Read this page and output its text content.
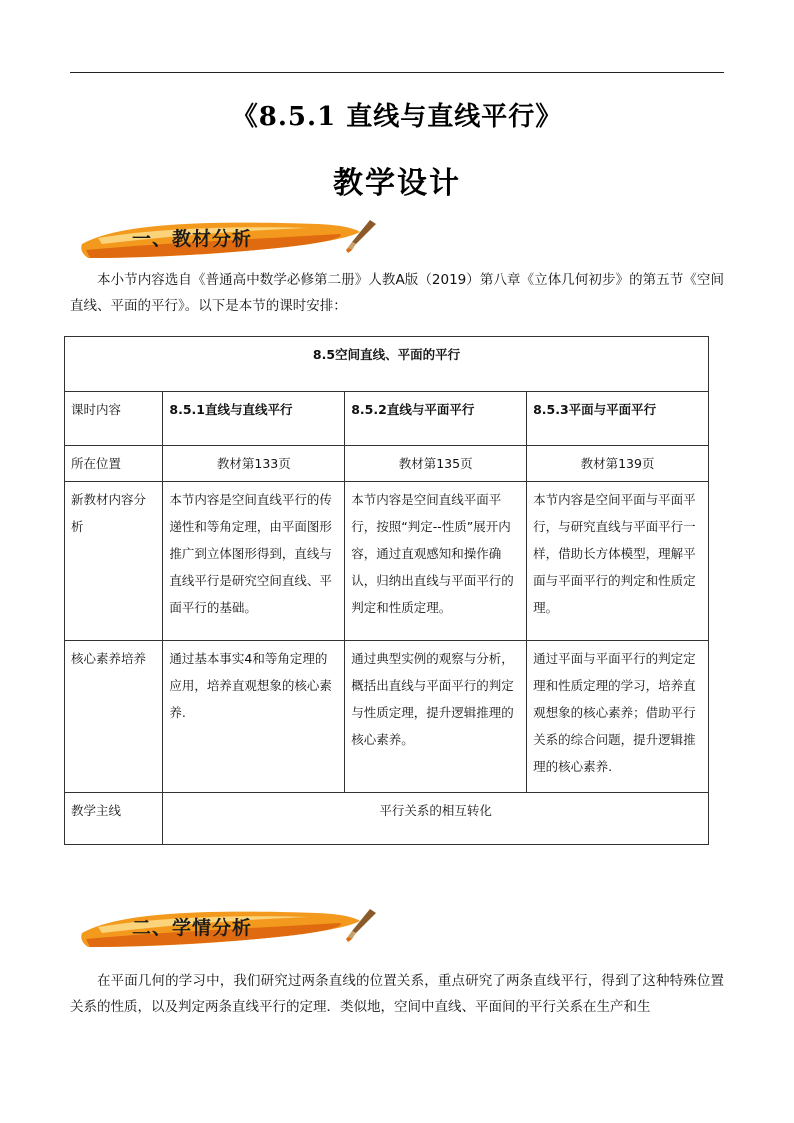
《8.5.1 直线与直线平行》
教学设计
一、教材分析
本小节内容选自《普通高中数学必修第二册》人教A版（2019）第八章《立体几何初步》的第五节《空间直线、平面的平行》。以下是本节的课时安排：
8.5空间直线、平面的平行			
课时内容	8.5.1直线与直线平行	8.5.2直线与平面平行	8.5.3平面与平面平行
所在位置	教材第133页	教材第135页	教材第139页
新教材内容分析	本节内容是空间直线平行的传递性和等角定理，由平面图形推广到立体图形得到，直线与直线平行是研究空间直线、平面平行的基础。	本节内容是空间直线平面平行，按照“判定--性质”展开内容，通过直观感知和操作确认，归纳出直线与平面平行的判定和性质定理。	本节内容是空间平面与平面平行，与研究直线与平面平行一样，借助长方体模型，理解平面与平面平行的判定和性质定理。
核心素养培养	通过基本事实4和等角定理的应用，培养直观想象的核心素养.	通过典型实例的观察与分析，概括出直线与平面平行的判定与性质定理，提升逻辑推理的核心素养。	通过平面与平面平行的判定定理和性质定理的学习，培养直观想象的核心素养；借助平行关系的综合问题，提升逻辑推理的核心素养.
教学主线	平行关系的相互转化		
二、学情分析
在平面几何的学习中，我们研究过两条直线的位置关系，重点研究了两条直线平行，得到了这种特殊位置关系的性质，以及判定两条直线平行的定理．类似地，空间中直线、平面间的平行关系在生产和生
